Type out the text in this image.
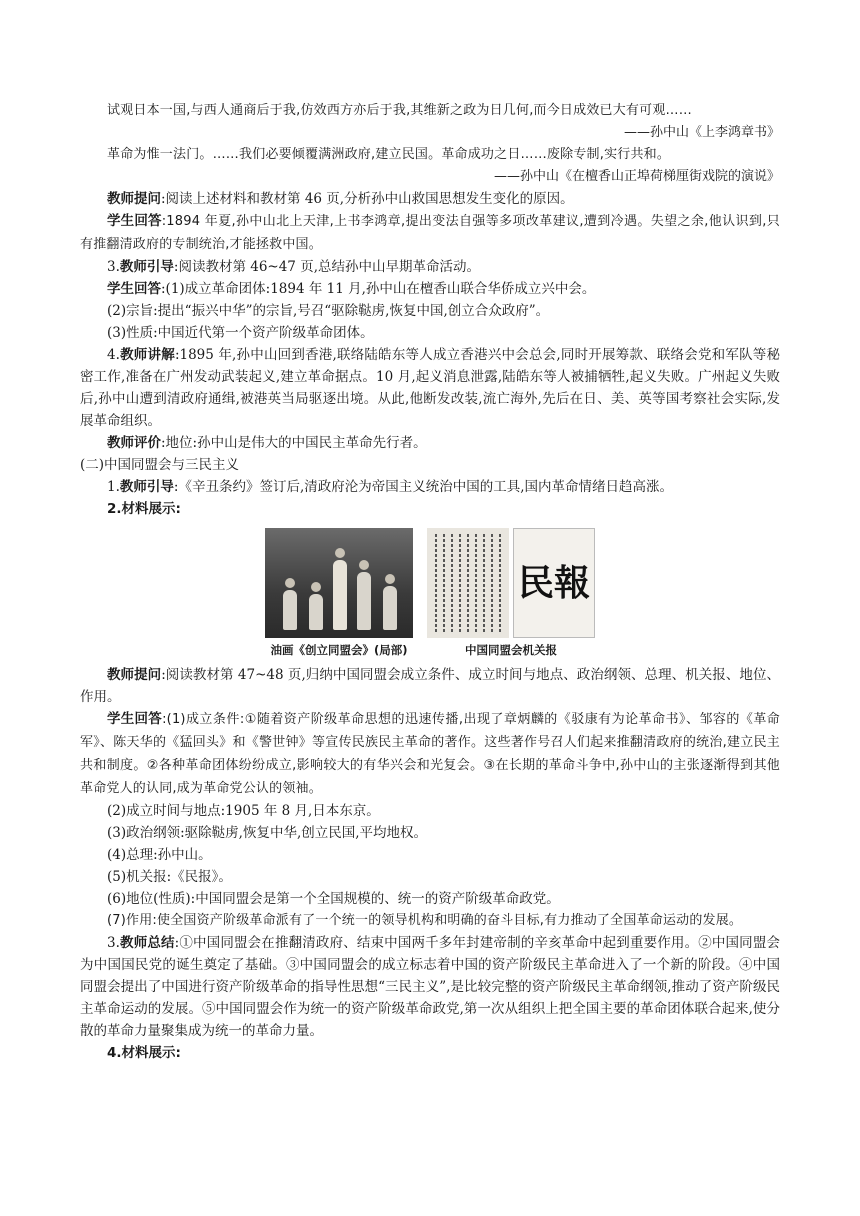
试观日本一国,与西人通商后于我,仿效西方亦后于我,其维新之政为日几何,而今日成效已大有可观……

——孙中山《上李鸿章书》

革命为惟一法门。……我们必要倾覆满洲政府,建立民国。革命成功之日……废除专制,实行共和。

——孙中山《在檀香山正埠荷梯厘街戏院的演说》

教师提问:阅读上述材料和教材第 46 页,分析孙中山救国思想发生变化的原因。

学生回答:1894 年夏,孙中山北上天津,上书李鸿章,提出变法自强等多项改革建议,遭到冷遇。失望之余,他认识到,只有推翻清政府的专制统治,才能拯救中国。

3.教师引导:阅读教材第 46~47 页,总结孙中山早期革命活动。

学生回答:(1)成立革命团体:1894 年 11 月,孙中山在檀香山联合华侨成立兴中会。

(2)宗旨:提出“振兴中华”的宗旨,号召“驱除鞑虏,恢复中国,创立合众政府”。

(3)性质:中国近代第一个资产阶级革命团体。

4.教师讲解:1895 年,孙中山回到香港,联络陆皓东等人成立香港兴中会总会,同时开展筹款、联络会党和军队等秘密工作,准备在广州发动武装起义,建立革命据点。10 月,起义消息泄露,陆皓东等人被捕牺牲,起义失败。广州起义失败后,孙中山遭到清政府通缉,被港英当局驱逐出境。从此,他断发改装,流亡海外,先后在日、美、英等国考察社会实际,发展革命组织。

教师评价:地位:孙中山是伟大的中国民主革命先行者。

(二)中国同盟会与三民主义

1.教师引导:《辛丑条约》签订后,清政府沦为帝国主义统治中国的工具,国内革命情绪日趋高涨。

2.材料展示:

油画《创立同盟会》(局部)
民報
中国同盟会机关报

教师提问:阅读教材第 47~48 页,归纳中国同盟会成立条件、成立时间与地点、政治纲领、总理、机关报、地位、作用。

学生回答:(1)成立条件:①随着资产阶级革命思想的迅速传播,出现了章炳麟的《驳康有为论革命书》、邹容的《革命军》、陈天华的《猛回头》和《警世钟》等宣传民族民主革命的著作。这些著作号召人们起来推翻清政府的统治,建立民主共和制度。②各种革命团体纷纷成立,影响较大的有华兴会和光复会。③在长期的革命斗争中,孙中山的主张逐渐得到其他革命党人的认同,成为革命党公认的领袖。

(2)成立时间与地点:1905 年 8 月,日本东京。

(3)政治纲领:驱除鞑虏,恢复中华,创立民国,平均地权。

(4)总理:孙中山。

(5)机关报:《民报》。

(6)地位(性质):中国同盟会是第一个全国规模的、统一的资产阶级革命政党。

(7)作用:使全国资产阶级革命派有了一个统一的领导机构和明确的奋斗目标,有力推动了全国革命运动的发展。

3.教师总结:①中国同盟会在推翻清政府、结束中国两千多年封建帝制的辛亥革命中起到重要作用。②中国同盟会为中国国民党的诞生奠定了基础。③中国同盟会的成立标志着中国的资产阶级民主革命进入了一个新的阶段。④中国同盟会提出了中国进行资产阶级革命的指导性思想“三民主义”,是比较完整的资产阶级民主革命纲领,推动了资产阶级民主革命运动的发展。⑤中国同盟会作为统一的资产阶级革命政党,第一次从组织上把全国主要的革命团体联合起来,使分散的革命力量聚集成为统一的革命力量。

4.材料展示:
